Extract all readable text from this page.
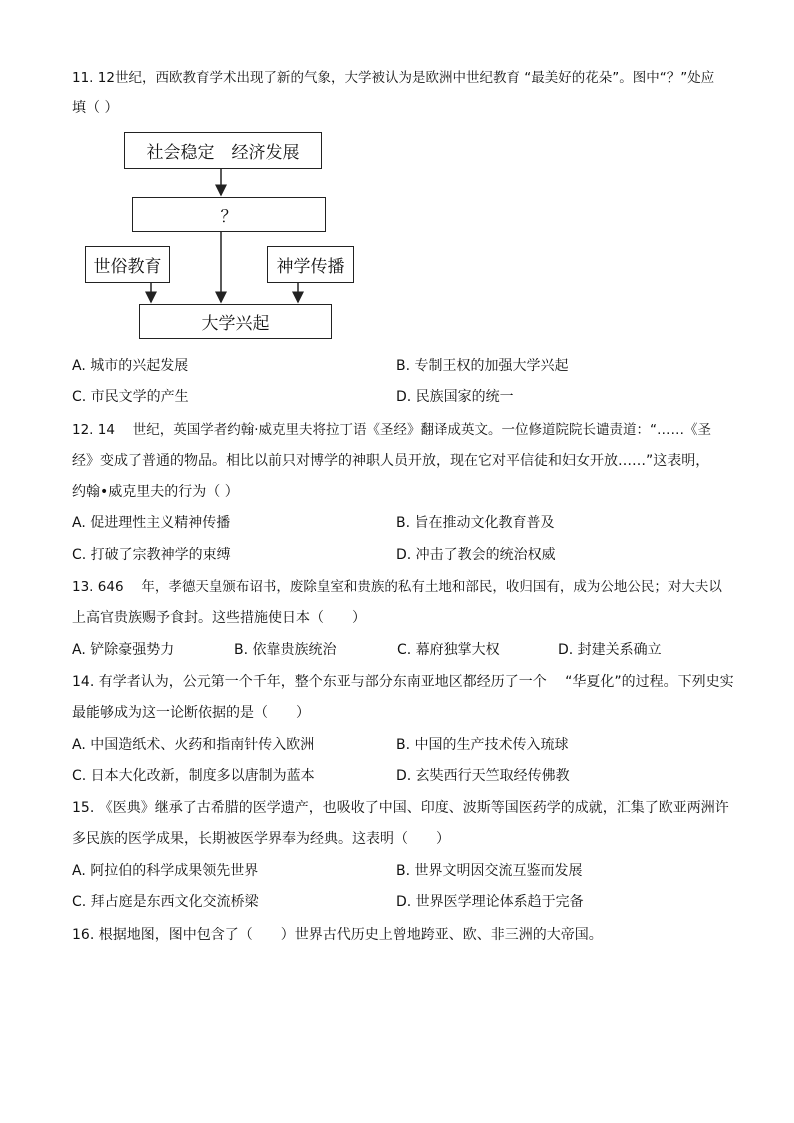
11. 12世纪，西欧教育学术出现了新的气象，大学被认为是欧洲中世纪教育 “最美好的花朵”。图中“？”处应
填（ ）
社会稳定　经济发展
？
世俗教育	神学传播
大学兴起
A. 城市的兴起发展	B. 专制王权的加强大学兴起
C. 市民文学的产生	D. 民族国家的统一
12. 14　 世纪，英国学者约翰·威克里夫将拉丁语《圣经》翻译成英文。一位修道院院长谴责道：“……《圣
经》变成了普通的物品。相比以前只对博学的神职人员开放，现在它对平信徒和妇女开放……”这表明，
约翰•威克里夫的行为（ ）
A. 促进理性主义精神传播	B. 旨在推动文化教育普及
C. 打破了宗教神学的束缚	D. 冲击了教会的统治权威
13. 646　 年，孝德天皇颁布诏书，废除皇室和贵族的私有土地和部民，收归国有，成为公地公民；对大夫以
上高官贵族赐予食封。这些措施使日本（　　）
A. 铲除豪强势力	B. 依靠贵族统治	C. 幕府独掌大权	D. 封建关系确立
14. 有学者认为，公元第一个千年，整个东亚与部分东南亚地区都经历了一个　 “华夏化”的过程。下列史实
最能够成为这一论断依据的是（　　）
A. 中国造纸术、火药和指南针传入欧洲	B. 中国的生产技术传入琉球
C. 日本大化改新，制度多以唐制为蓝本	D. 玄奘西行天竺取经传佛教
15. 《医典》继承了古希腊的医学遗产，也吸收了中国、印度、波斯等国医药学的成就，汇集了欧亚两洲许
多民族的医学成果，长期被医学界奉为经典。这表明（　　）
A. 阿拉伯的科学成果领先世界	B. 世界文明因交流互鉴而发展
C. 拜占庭是东西文化交流桥梁	D. 世界医学理论体系趋于完备
16. 根据地图，图中包含了（　　）世界古代历史上曾地跨亚、欧、非三洲的大帝国。
